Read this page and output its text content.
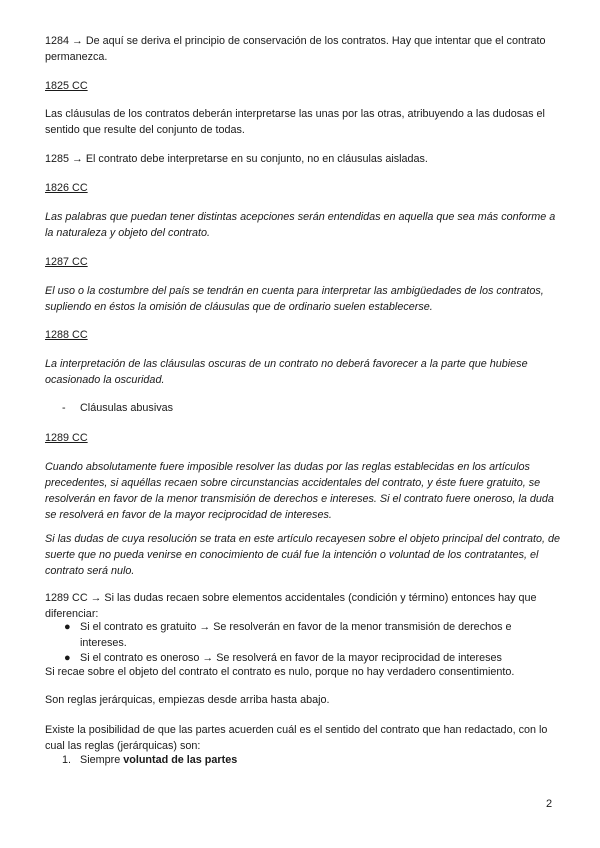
1284 → De aquí se deriva el principio de conservación de los contratos. Hay que intentar que el contrato permanezca.

1825 CC

Las cláusulas de los contratos deberán interpretarse las unas por las otras, atribuyendo a las dudosas el sentido que resulte del conjunto de todas.

1285 → El contrato debe interpretarse en su conjunto, no en cláusulas aisladas.

1826 CC

Las palabras que puedan tener distintas acepciones serán entendidas en aquella que sea más conforme a la naturaleza y objeto del contrato.

1287 CC

El uso o la costumbre del país se tendrán en cuenta para interpretar las ambigüedades de los contratos, supliendo en éstos la omisión de cláusulas que de ordinario suelen establecerse.

1288 CC

La interpretación de las cláusulas oscuras de un contrato no deberá favorecer a la parte que hubiese ocasionado la oscuridad.

- Cláusulas abusivas

1289 CC

Cuando absolutamente fuere imposible resolver las dudas por las reglas establecidas en los artículos precedentes, si aquéllas recaen sobre circunstancias accidentales del contrato, y éste fuere gratuito, se resolverán en favor de la menor transmisión de derechos e intereses. Si el contrato fuere oneroso, la duda se resolverá en favor de la mayor reciprocidad de intereses.

Si las dudas de cuya resolución se trata en este artículo recayesen sobre el objeto principal del contrato, de suerte que no pueda venirse en conocimiento de cuál fue la intención o voluntad de los contratantes, el contrato será nulo.

1289 CC → Si las dudas recaen sobre elementos accidentales (condición y término) entonces hay que diferenciar:

● Si el contrato es gratuito → Se resolverán en favor de la menor transmisión de derechos e intereses.
● Si el contrato es oneroso → Se resolverá en favor de la mayor reciprocidad de intereses

Si recae sobre el objeto del contrato el contrato es nulo, porque no hay verdadero consentimiento.

Son reglas jerárquicas, empiezas desde arriba hasta abajo.

Existe la posibilidad de que las partes acuerden cuál es el sentido del contrato que han redactado, con lo cual las reglas (jerárquicas) son:

1. Siempre voluntad de las partes
2
